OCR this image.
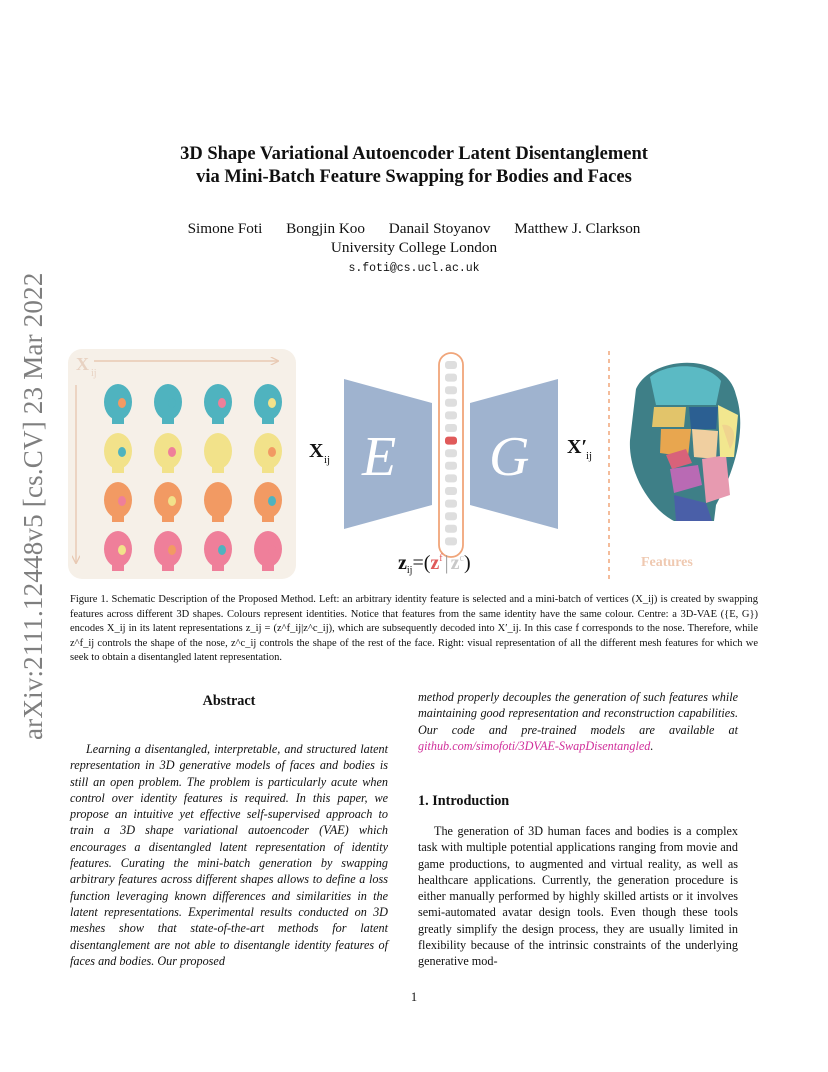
3D Shape Variational Autoencoder Latent Disentanglement
via Mini-Batch Feature Swapping for Bodies and Faces
Simone Foti Bongjin Koo Danail Stoyanov Matthew J. Clarkson
University College London
s.foti@cs.ucl.ac.uk
arXiv:2111.12448v5 [cs.CV] 23 Mar 2022 X ij
X ij E G X′
ij
$z_{ij}=(z^f$ | $z^c$)	Features
Figure 1. Schematic Description of the Proposed Method. Left: an arbitrary identity feature is selected and a mini-batch of vertices (X_ij) is created by swapping features across different 3D shapes. Colours represent identities. Notice that features from the same identity have the same colour. Centre: a 3D-VAE ({E, G}) encodes X_ij in its latent representations z_ij = (z^f_ij|z^c_ij), which are subsequently decoded into X′_ij. In this case f corresponds to the nose. Therefore, while z^f_ij controls the shape of the nose, z^c_ij controls the shape of the rest of the face. Right: visual representation of all the different mesh features for which we seek to obtain a disentangled latent representation.
Abstract
Learning a disentangled, interpretable, and structured latent representation in 3D generative models of faces and bodies is still an open problem. The problem is particularly acute when control over identity features is required. In this paper, we propose an intuitive yet effective self-supervised approach to train a 3D shape variational autoencoder (VAE) which encourages a disentangled latent representation of identity features. Curating the mini-batch generation by swapping arbitrary features across different shapes allows to define a loss function leveraging known differences and similarities in the latent representations. Experimental results conducted on 3D meshes show that state-of-the-art methods for latent disentanglement are not able to disentangle identity features of faces and bodies. Our proposed
method properly decouples the generation of such features while maintaining good representation and reconstruction capabilities. Our code and pre-trained models are available at github.com/simofoti/3DVAE-SwapDisentangled.
1. Introduction
The generation of 3D human faces and bodies is a complex task with multiple potential applications ranging from movie and game productions, to augmented and virtual reality, as well as healthcare applications. Currently, the generation procedure is either manually performed by highly skilled artists or it involves semi-automated avatar design tools. Even though these tools greatly simplify the design process, they are usually limited in flexibility because of the intrinsic constraints of the underlying generative mod-
1
